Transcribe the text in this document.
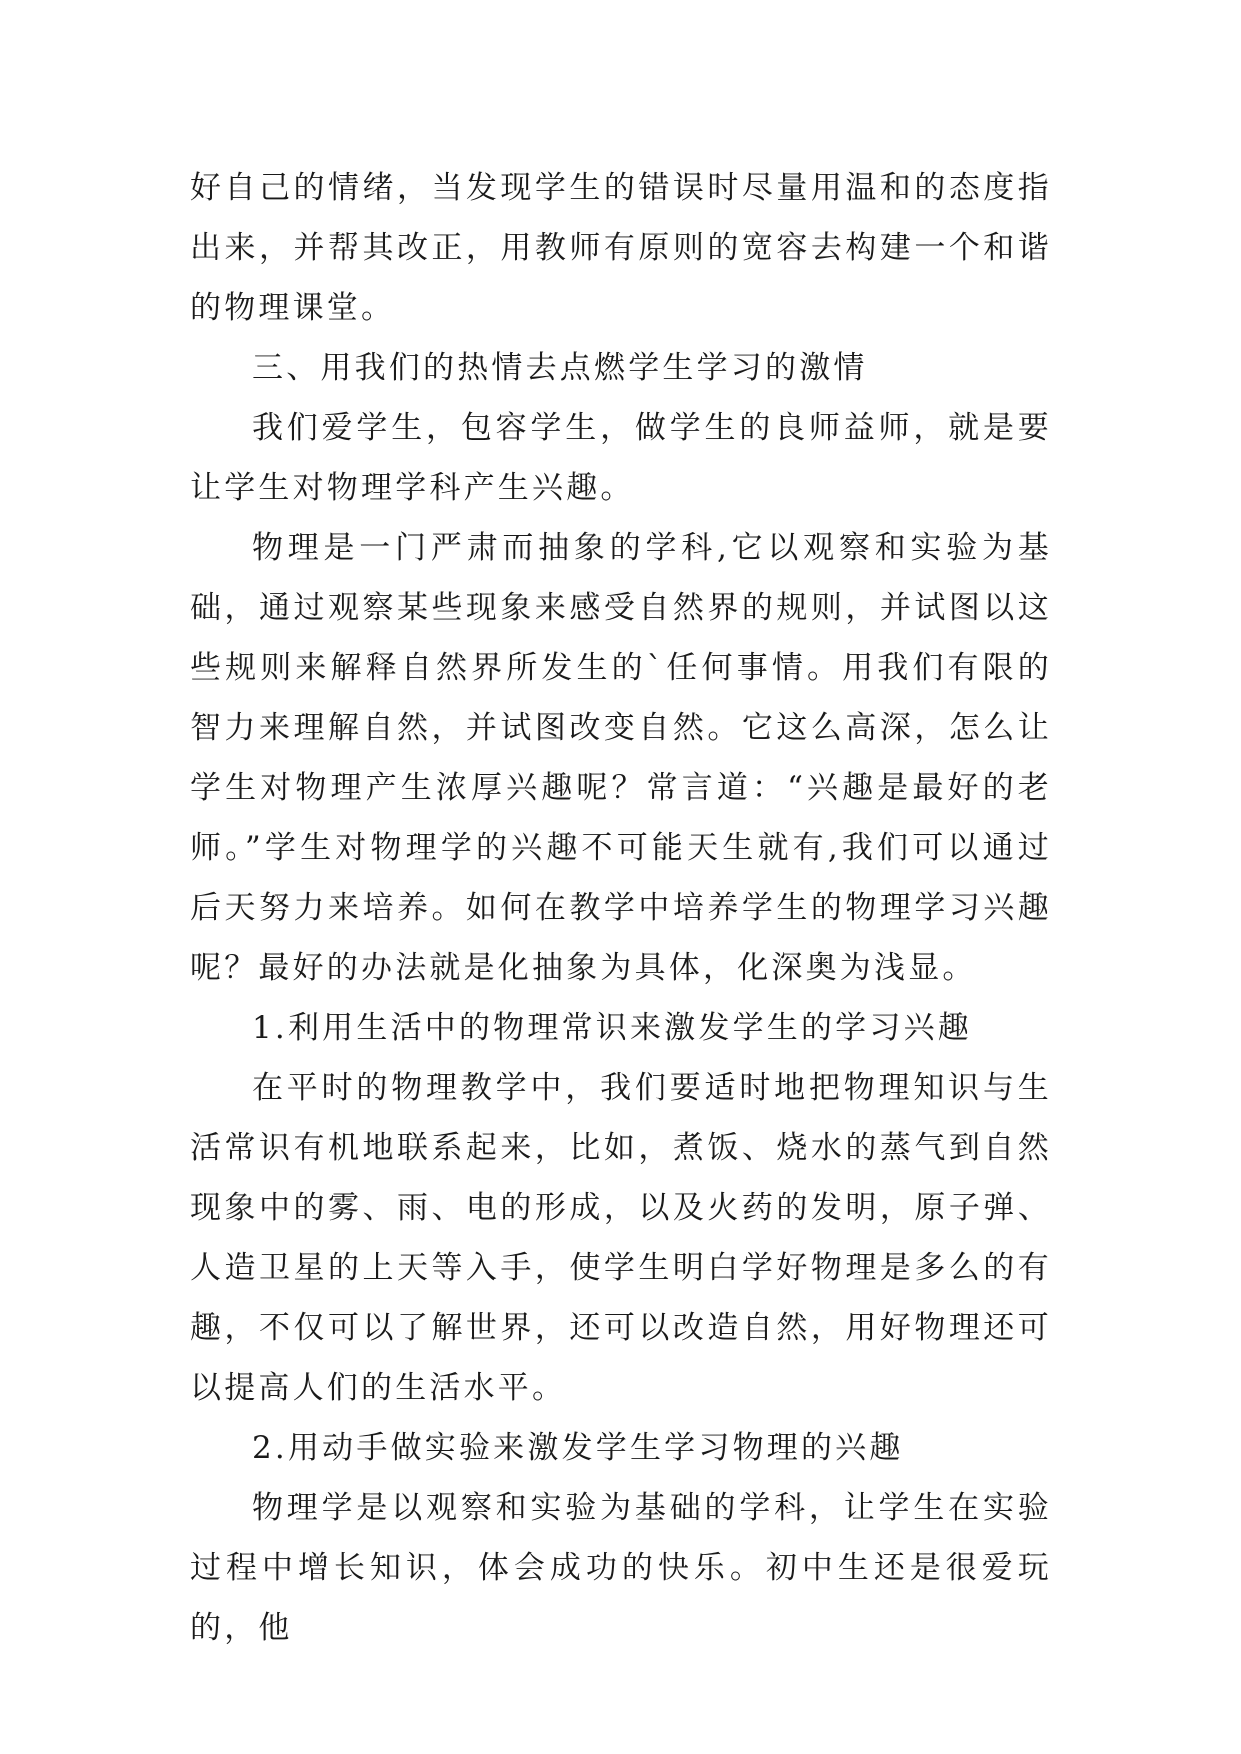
好自己的情绪，当发现学生的错误时尽量用温和的态度指出来，并帮其改正，用教师有原则的宽容去构建一个和谐的物理课堂。

三、用我们的热情去点燃学生学习的激情

我们爱学生，包容学生，做学生的良师益师，就是要让学生对物理学科产生兴趣。

物理是一门严肃而抽象的学科,它以观察和实验为基础，通过观察某些现象来感受自然界的规则，并试图以这些规则来解释自然界所发生的`任何事情。用我们有限的智力来理解自然，并试图改变自然。它这么高深，怎么让学生对物理产生浓厚兴趣呢？常言道：“兴趣是最好的老师。”学生对物理学的兴趣不可能天生就有,我们可以通过后天努力来培养。如何在教学中培养学生的物理学习兴趣呢？最好的办法就是化抽象为具体，化深奥为浅显。

1.利用生活中的物理常识来激发学生的学习兴趣

在平时的物理教学中，我们要适时地把物理知识与生活常识有机地联系起来，比如，煮饭、烧水的蒸气到自然现象中的雾、雨、电的形成，以及火药的发明，原子弹、人造卫星的上天等入手，使学生明白学好物理是多么的有趣，不仅可以了解世界，还可以改造自然，用好物理还可以提高人们的生活水平。

2.用动手做实验来激发学生学习物理的兴趣

物理学是以观察和实验为基础的学科，让学生在实验过程中增长知识，体会成功的快乐。初中生还是很爱玩的，他
